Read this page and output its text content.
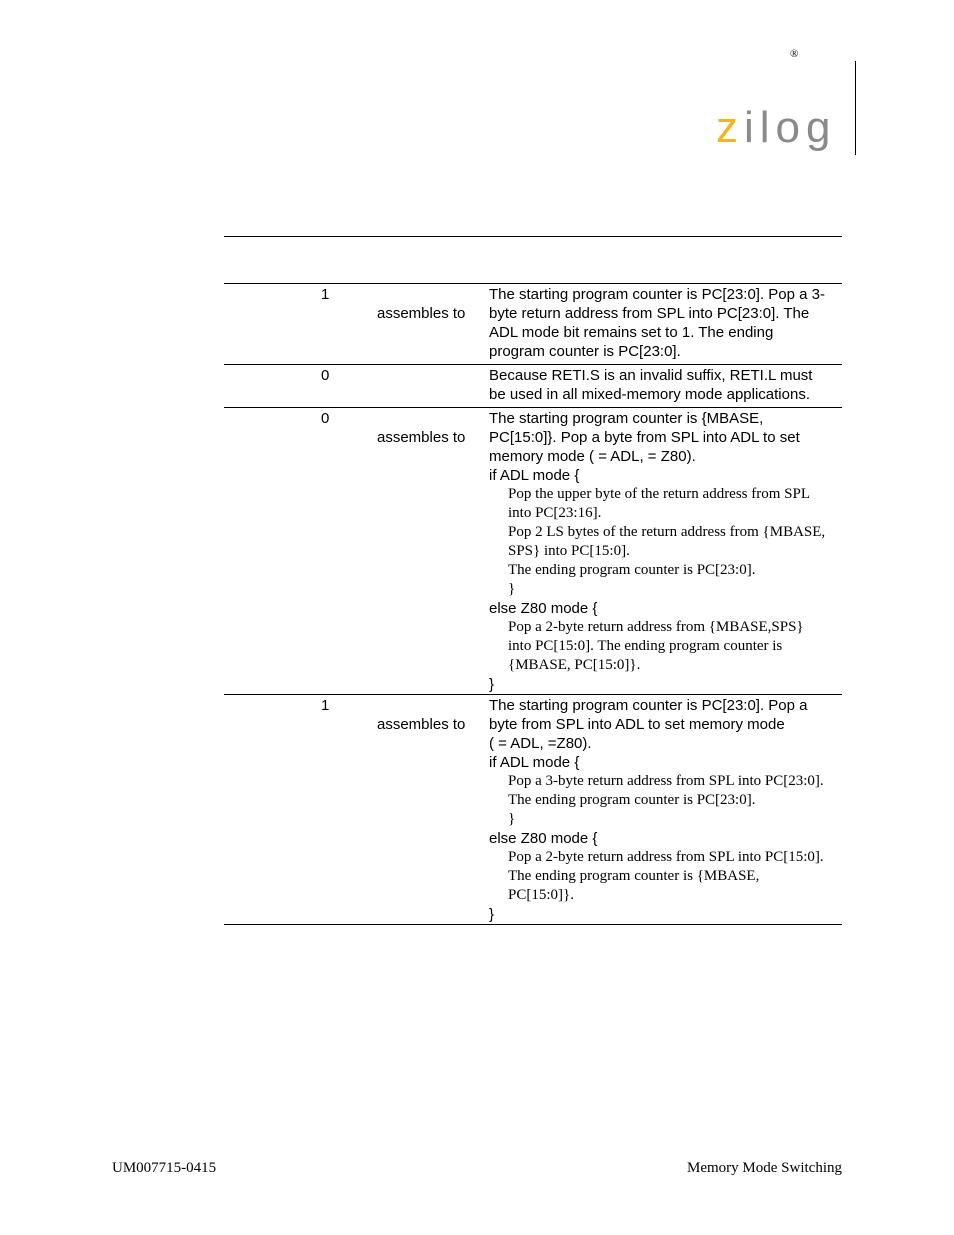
®
zilog
1
assembles to
The starting program counter is PC[23:0]. Pop a 3-
byte return address from SPL into PC[23:0]. The
ADL mode bit remains set to 1. The ending
program counter is PC[23:0].
0	Because RETI.S is an invalid suffix, RETI.L must
be used in all mixed-memory mode applications.
0
assembles to
The starting program counter is {MBASE,
PC[15:0]}. Pop a byte from SPL into ADL to set
memory mode ( = ADL, = Z80).
if ADL mode {
Pop the upper byte of the return address from SPL
into PC[23:16].
Pop 2 LS bytes of the return address from {MBASE,
SPS} into PC[15:0].
The ending program counter is PC[23:0].
}
else Z80 mode {
Pop a 2-byte return address from {MBASE,SPS}
into PC[15:0]. The ending program counter is
{MBASE, PC[15:0]}.
}
1
assembles to
The starting program counter is PC[23:0]. Pop a
byte from SPL into ADL to set memory mode
( = ADL, =Z80).
if ADL mode {
Pop a 3-byte return address from SPL into PC[23:0].
The ending program counter is PC[23:0].
}
else Z80 mode {
Pop a 2-byte return address from SPL into PC[15:0].
The ending program counter is {MBASE,
PC[15:0]}.
}
UM007715-0415	Memory Mode Switching
